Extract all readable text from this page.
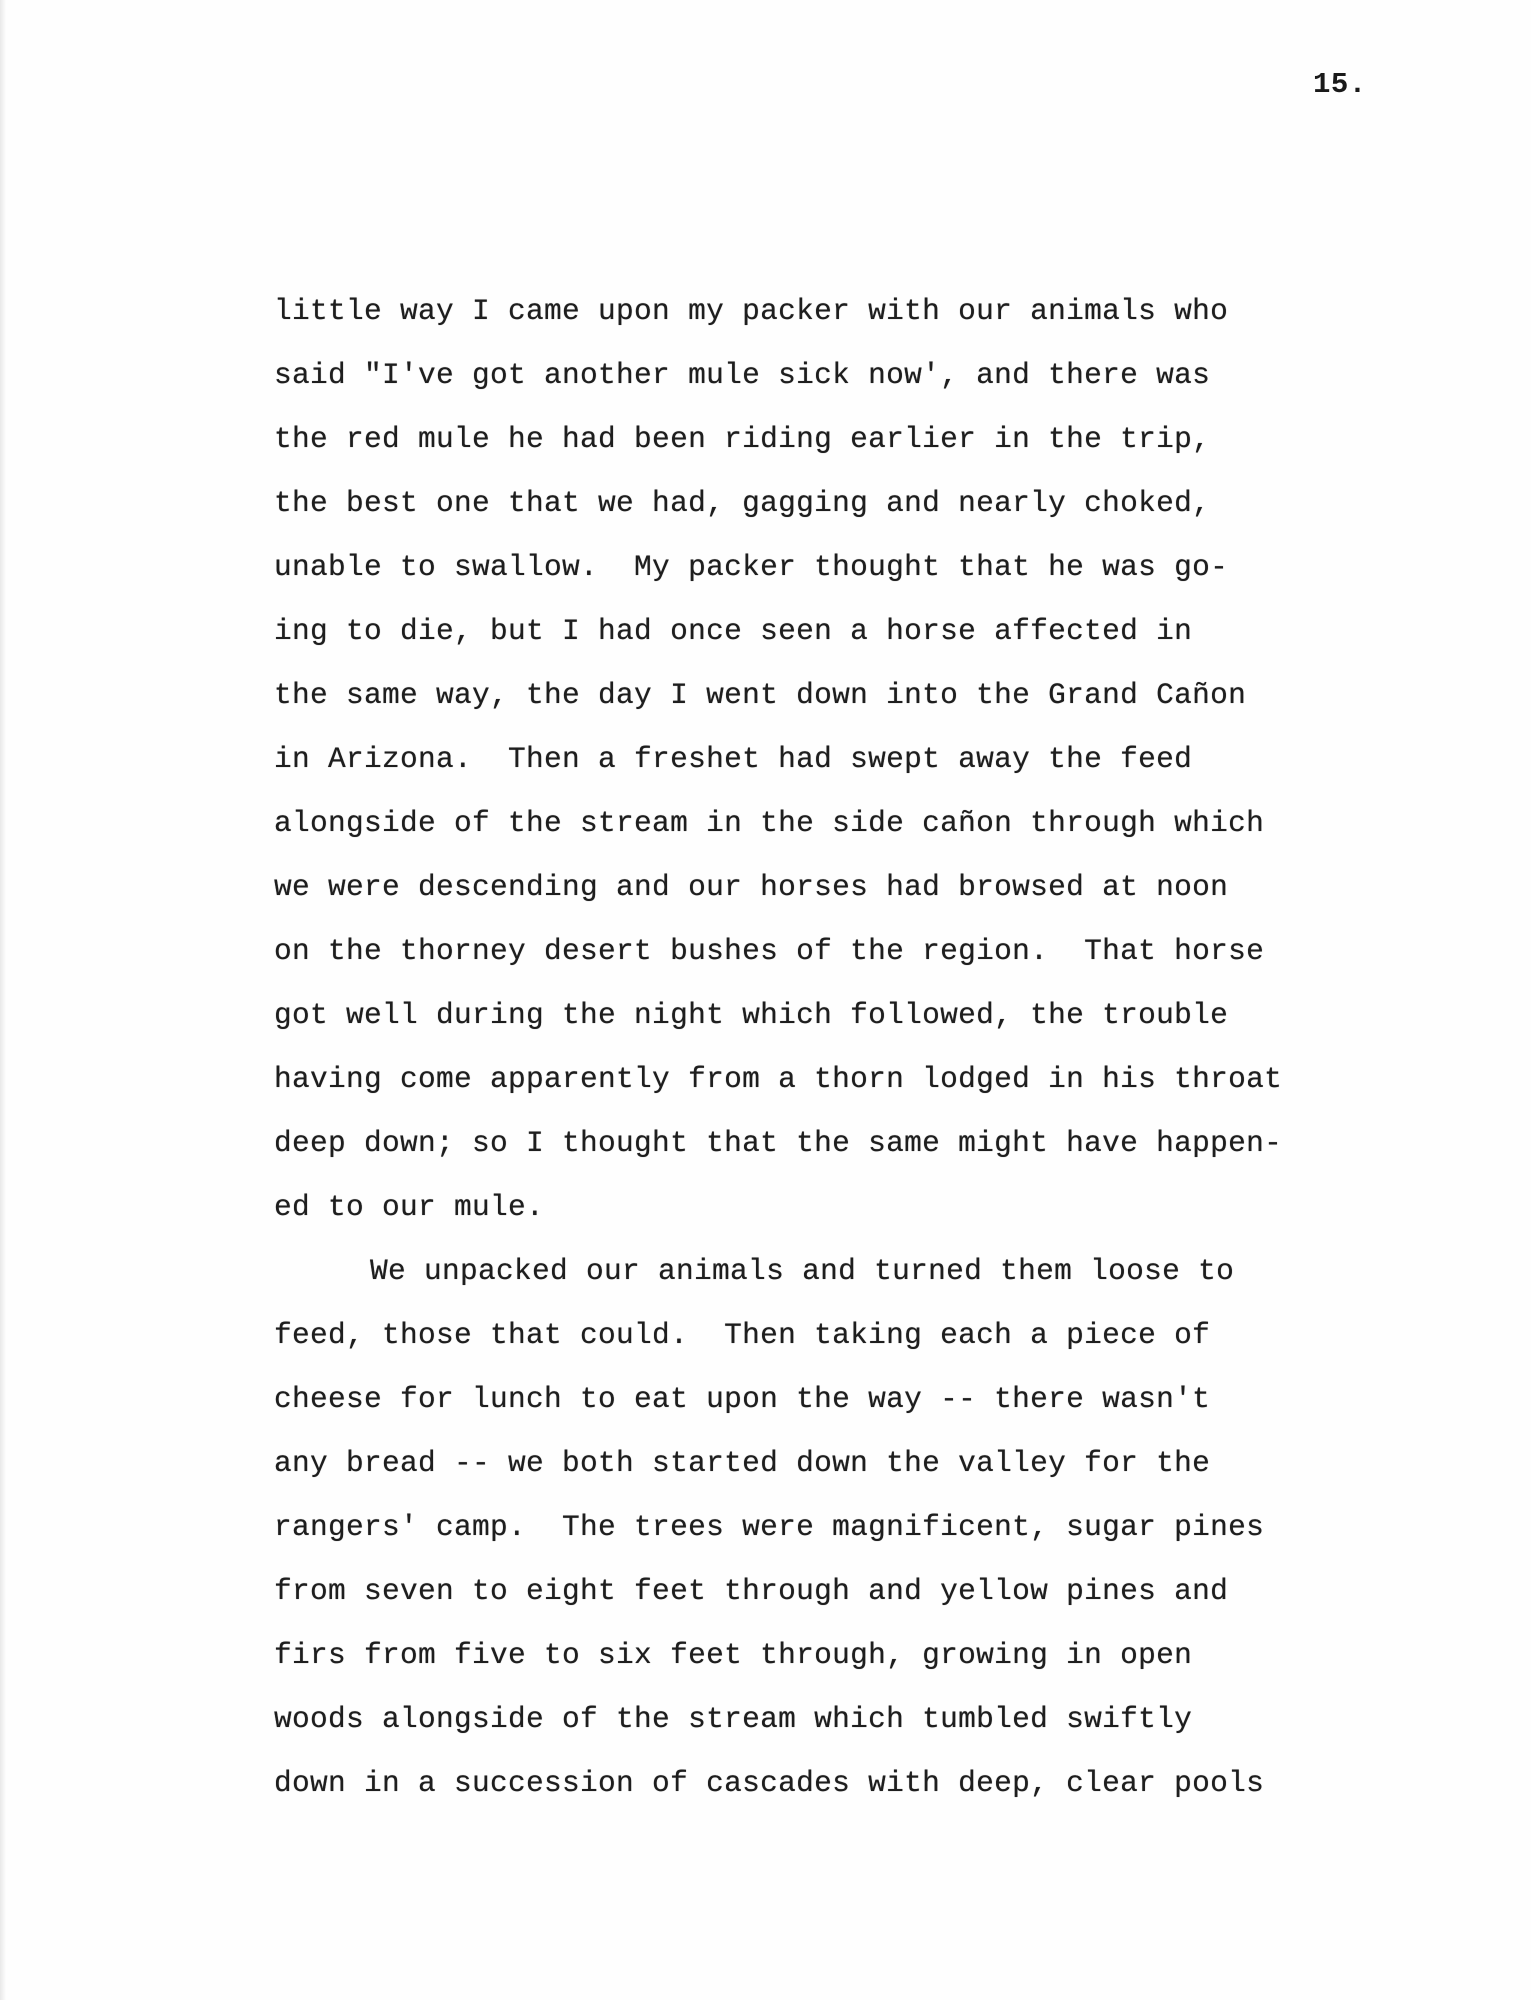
15.
little way I came upon my packer with our animals who
said "I've got another mule sick now', and there was
the red mule he had been riding earlier in the trip,
the best one that we had, gagging and nearly choked,
unable to swallow.  My packer thought that he was go-
ing to die, but I had once seen a horse affected in
the same way, the day I went down into the Grand Cañon
in Arizona.  Then a freshet had swept away the feed
alongside of the stream in the side cañon through which
we were descending and our horses had browsed at noon
on the thorney desert bushes of the region.  That horse
got well during the night which followed, the trouble
having come apparently from a thorn lodged in his throat
deep down; so I thought that the same might have happen-
ed to our mule.
We unpacked our animals and turned them loose to
feed, those that could.  Then taking each a piece of
cheese for lunch to eat upon the way -- there wasn't
any bread -- we both started down the valley for the
rangers' camp.  The trees were magnificent, sugar pines
from seven to eight feet through and yellow pines and
firs from five to six feet through, growing in open
woods alongside of the stream which tumbled swiftly
down in a succession of cascades with deep, clear pools
